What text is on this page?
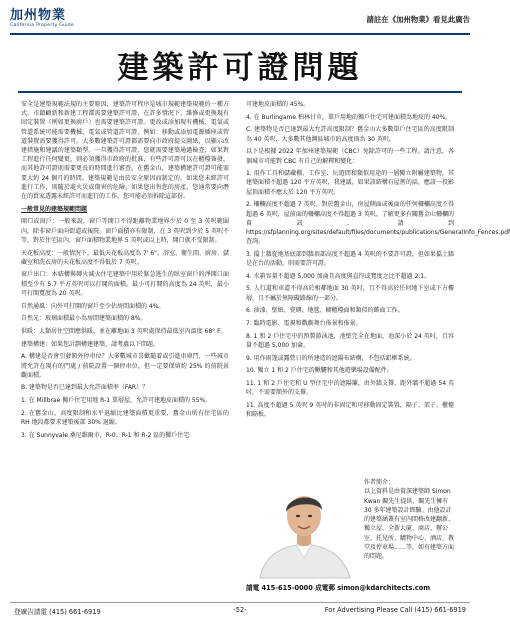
加州物業
California Property Guide
請註在《加州物業》看見此廣告
建築許可證問題

安全是建築規範法規的主要原因，建築許可程序是城市規範建築規範的一種方式，市鎮顧新和新建工程都需要建築許可證，在許多情況下，維修或更換現有固定裝置（例如更換廚戶）也需要建築許可證。更改或添加現有機械、電氣或管道系統可能需要機械、電氣或管道許可證，例如：移動或添加電源插座或管道裝置需要獲得許可。大多數建築許可證都需要向市政府提交圖紙，以顯示改建措施和建議的建築類型。一旦獲得許可證，您就需要建築通過檢查，如果對工程進行任何變更，則必須獲得市政府的批准，有些許可證可以在櫃檯簽發，而其他許可證則需要更長的時間進行審查。在舊金山，建築構建許可證可能需要大約 24 個月的時間。建築規範是由於安全原因而制定的，如果您未經許可進行工作，則隨於處火災或傷害的危險。如果您出售您的房產，您通常要向潛在的買家透露未經許可而進行的工作。您可能必須拆除這部份。

一般常見的建築規範問題

開口或窗戶：一般來說，窗戶等開口不得距離物業地界少於 0 至 3 英呎範圍內，除非窗戶面向街道或後院。窗戶面積亦有限制，在 3 英呎到少於 5 英呎不等，對於住宅區內，窗戶面積物業地界 5 英呎或以上時，開口就不受限制。

天花板高度：一般情況下，最低天花板高度為 7' 6"，浴室、衛生間、廚房、儲藏室和洗衣房的天花板高度不得低於 7 英呎。

窗戶出口：木結構與磚火減火住宅建築中用於緊急逃生的臥室窗戶的淨開口面積至少有 5.7 平方英呎可以打開的面積。最小可打開的高度為 24 英呎，最小可打開寬度為 20 英呎。

自然通風：向外可打開的窗戶至少佔房間面積的 4%。

自然光：玻璃面積最小為房間建築面積的 8%。

供暖：人類居住空間應供暖，並在離地面 3 英呎處保持最低室內溫度 68° F。

建築構建：如果您計劃構建建築，請考慮以下問題。

A. 構建是否會引發額外停車位？大多數城市喜歡隨着或引進車庫門，一些城市將允許在現有的門處 / 前院設置一個停車位，但一定要保留約 25% 的前院景觀面積。

B. 建築物是否已達到最大允許面積率（FAR）？

1. 在 Millbrae 獨戶住宅用地 R-1 單層屋，允許可建地皮面積的 55%。

2. 在舊金山，高度限制和水平退縮比建築面積更重要，舊金山所有住宅區的 RH 地段都要求建築後部 30% 退縮。

3. 在 Sunnyvale 桑尼維爾市，R-0、R-1 和 R-2 區的獨戶住宅

可建地皮面積的 45%。

4. 在 Burlingame 柏林甘市，單戶用地的獨戶住宅可建面積為地皮的 40%。

C. 建築物是否已達到最大允許高度限制？舊金山大多數單戶住宅區的高度限制為 40 英呎，大多數其他灣區城市的高度則為 30 英呎。

以下是根據 2022 年加州建築規範（CBC）免除許可的一些工程。請注意，各個城市可能對 CBC 有自己的解釋和變化：

1. 用作工具和儲藏棚、工作室、玩遊間和類似用途的一層獨立附屬建築物，其建築面積不超過 120 平方英呎，我建議，如果該結構有屋簷的話，應該一投影屋頂面積不應大於 120 平方英呎。

2. 柵欄高度不超過 7 英呎。對於舊金山，房屋側面或後面的任何柵欄高度不得超過 6 英呎，屋前面的柵欄高度不得超過 3 英呎。了解更多有關舊金山柵欄的資訊，請到 https://sfplanning.org/sites/default/files/documents/publications/GeneralInfo_Fences.pdf 查詢。

3. 擋土牆從地基底部到牆頂部高度不超過 4 英呎的不要許可證，但如果擋土牆是在台的活動，則需要許可證。

4. 水箱容量不超過 5,000 加侖且高度與直徑或寬度之比不超過 2:1。

5. 人行道和車道不得高於相鄰地面 30 英吋，且不得高於任何地下室或下方樓層，且不屬於無障礙路線的一部分。

6. 油漆、壁紙、瓷磚、地毯、櫥櫃檯面和類似的飾面工作。

7. 臨時電影、電視和戲劇舞台佈景和佈景。

8. 1 和 2 戶住宅中的預製游泳池，池壁完全在地面，池深小於 24 英吋，且容量不超過 5,000 加侖。

9. 用作雨篷或露營日的所建造的遮陽布結構，不包括鋁框系統。

10. 獨立 1 和 2 戶住宅的鞦韆和其他遊樂場設備配件。

11. 1 和 2 戶住宅和 U 型住宅中的遮陽簾，由外牆支撐，距外牆不超過 54 英吋，不需要額外的支撐。

11. 高度不超過 5 英呎 9 英吋的非固定和可移動固定裝置，隔子、架子、櫃檯和隔板。

作者簡介：
以上資料是由資深建築師 Simon Kwan 關先生提供，關先生擁有 30 多年建築設計經驗。由他設計的建築涵蓋有室內間格改建翻新、獨立屋、全新大廈、商店、辦公室、托兒所、購物中心、酒店、教堂及停車場……等，如有建築方面的問題。
請電 415-615-0000 成電郵 simon@kdarchitects.com
登廣告請電 (415) 661-6919	-52-	For Advertising Please Call (415) 661-6919
